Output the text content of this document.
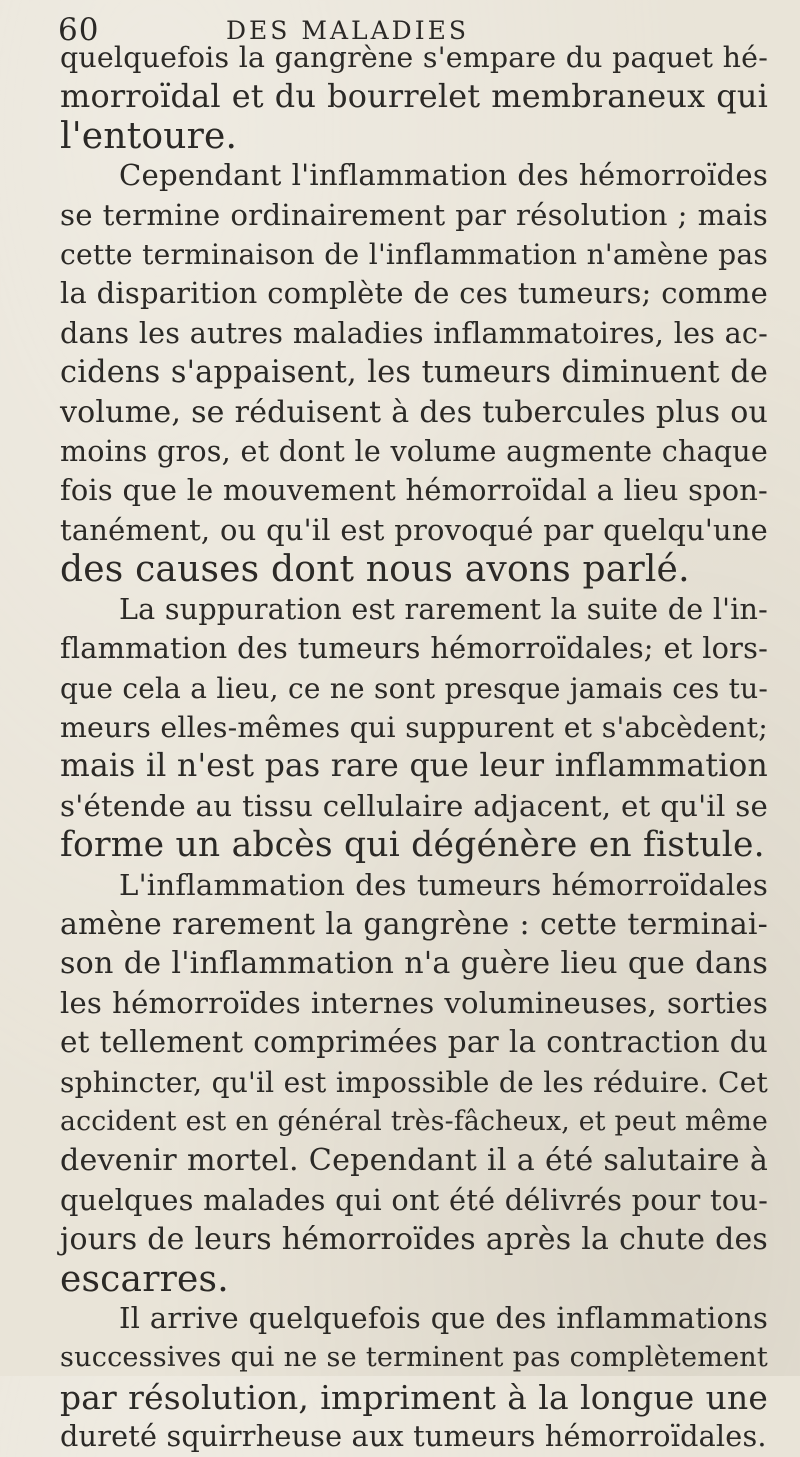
60	DES MALADIES

quelquefois la gangrène s'empare du paquet hé-
morroïdal et du bourrelet membraneux qui
l'entoure.

Cependant l'inflammation des hémorroïdes
se termine ordinairement par résolution ; mais
cette terminaison de l'inflammation n'amène pas
la disparition complète de ces tumeurs; comme
dans les autres maladies inflammatoires, les ac-
cidens s'appaisent, les tumeurs diminuent de
volume, se réduisent à des tubercules plus ou
moins gros, et dont le volume augmente chaque
fois que le mouvement hémorroïdal a lieu spon-
tanément, ou qu'il est provoqué par quelqu'une
des causes dont nous avons parlé.

La suppuration est rarement la suite de l'in-
flammation des tumeurs hémorroïdales; et lors-
que cela a lieu, ce ne sont presque jamais ces tu-
meurs elles-mêmes qui suppurent et s'abcèdent;
mais il n'est pas rare que leur inflammation
s'étende au tissu cellulaire adjacent, et qu'il se
forme un abcès qui dégénère en fistule.

L'inflammation des tumeurs hémorroïdales
amène rarement la gangrène : cette terminai-
son de l'inflammation n'a guère lieu que dans
les hémorroïdes internes volumineuses, sorties
et tellement comprimées par la contraction du
sphincter, qu'il est impossible de les réduire. Cet
accident est en général très-fâcheux, et peut même
devenir mortel. Cependant il a été salutaire à
quelques malades qui ont été délivrés pour tou-
jours de leurs hémorroïdes après la chute des
escarres.

Il arrive quelquefois que des inflammations
successives qui ne se terminent pas complètement
par résolution, impriment à la longue une
dureté squirrheuse aux tumeurs hémorroïdales.
